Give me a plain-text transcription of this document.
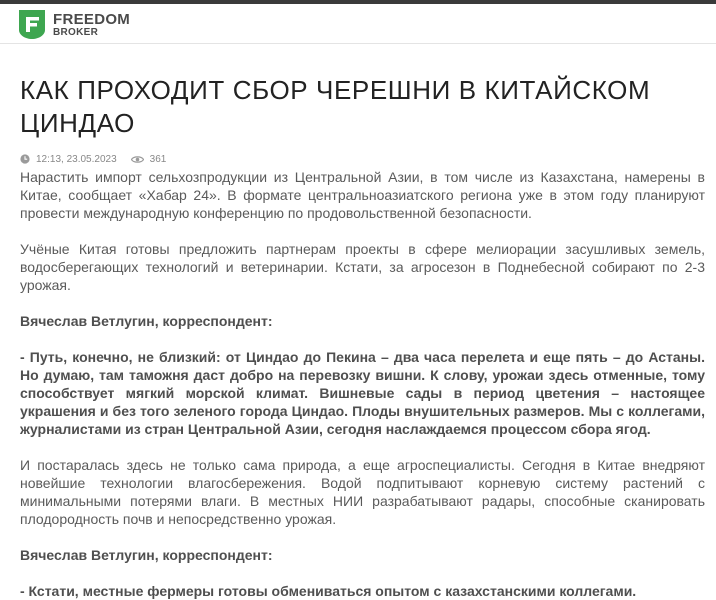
FREEDOM
BROKER
КАК ПРОХОДИТ СБОР ЧЕРЕШНИ В КИТАЙСКОМ ЦИНДАО
12:13, 23.05.2023	361

Нарастить импорт сельхозпродукции из Центральной Азии, в том числе из Казахстана, намерены в Китае, сообщает «Хабар 24». В формате центральноазиатского региона уже в этом году планируют провести международную конференцию по продовольственной безопасности.

Учёные Китая готовы предложить партнерам проекты в сфере мелиорации засушливых земель, водосберегающих технологий и ветеринарии. Кстати, за агросезон в Поднебесной собирают по 2-3 урожая.

Вячеслав Ветлугин, корреспондент:

- Путь, конечно, не близкий: от Циндао до Пекина – два часа перелета и еще пять – до Астаны. Но думаю, там таможня даст добро на перевозку вишни. К слову, урожаи здесь отменные, тому способствует мягкий морской климат. Вишневые сады в период цветения – настоящее украшения и без того зеленого города Циндао. Плоды внушительных размеров. Мы с коллегами, журналистами из стран Центральной Азии, сегодня наслаждаемся процессом сбора ягод.

И постаралась здесь не только сама природа, а еще агроспециалисты. Сегодня в Китае внедряют новейшие технологии влагосбережения. Водой подпитывают корневую систему растений с минимальными потерями влаги. В местных НИИ разрабатывают радары, способные сканировать плодородность почв и непосредственно урожая.

Вячеслав Ветлугин, корреспондент:

- Кстати, местные фермеры готовы обмениваться опытом с казахстанскими коллегами.
